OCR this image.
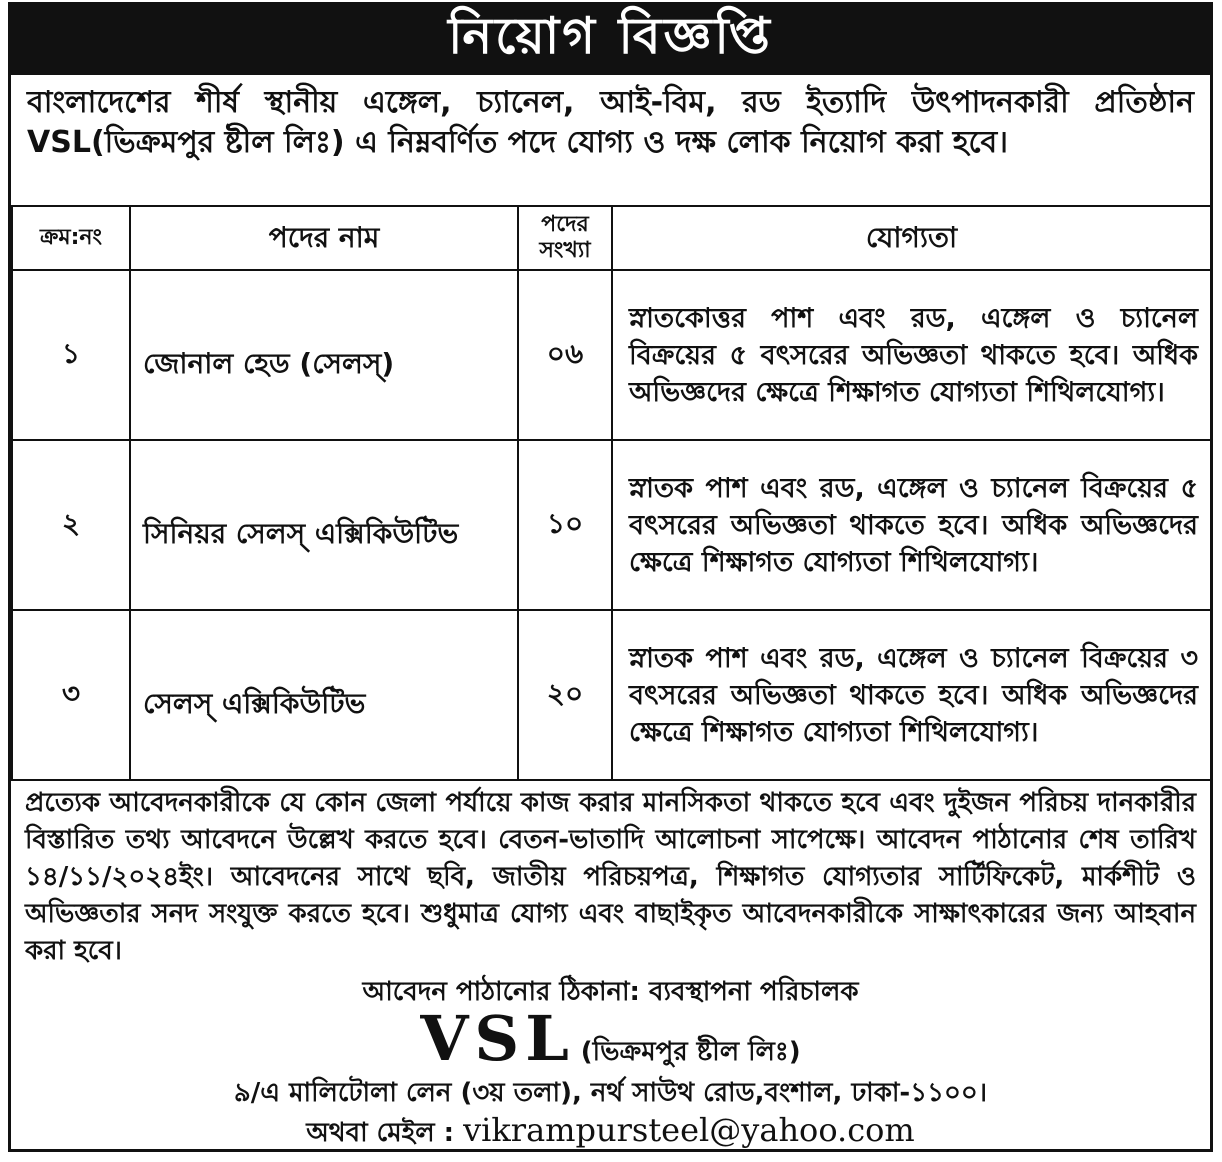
নিয়োগ বিজ্ঞপ্তি
বাংলাদেশের শীর্ষ স্থানীয় এঙ্গেল, চ্যানেল, আই-বিম, রড ইত্যাদি উৎপাদনকারী প্রতিষ্ঠান VSL(ভিক্রমপুর ষ্টীল লিঃ) এ নিম্নবর্ণিত পদে যোগ্য ও দক্ষ লোক নিয়োগ করা হবে।
ক্রম:নং	পদের নাম	পদের সংখ্যা	যোগ্যতা
১	জোনাল হেড (সেলস্)	০৬	স্নাতকোত্তর পাশ এবং রড, এঙ্গেল ও চ্যানেল বিক্রয়ের ৫ বৎসরের অভিজ্ঞতা থাকতে হবে। অধিক অভিজ্ঞদের ক্ষেত্রে শিক্ষাগত যোগ্যতা শিথিলযোগ্য।
২	সিনিয়র সেলস্ এক্সিকিউটিভ	১০	স্নাতক পাশ এবং রড, এঙ্গেল ও চ্যানেল বিক্রয়ের ৫ বৎসরের অভিজ্ঞতা থাকতে হবে। অধিক অভিজ্ঞদের ক্ষেত্রে শিক্ষাগত যোগ্যতা শিথিলযোগ্য।
৩	সেলস্ এক্সিকিউটিভ	২০	স্নাতক পাশ এবং রড, এঙ্গেল ও চ্যানেল বিক্রয়ের ৩ বৎসরের অভিজ্ঞতা থাকতে হবে। অধিক অভিজ্ঞদের ক্ষেত্রে শিক্ষাগত যোগ্যতা শিথিলযোগ্য।
প্রত্যেক আবেদনকারীকে যে কোন জেলা পর্যায়ে কাজ করার মানসিকতা থাকতে হবে এবং দুইজন পরিচয় দানকারীর বিস্তারিত তথ্য আবেদনে উল্লেখ করতে হবে। বেতন-ভাতাদি আলোচনা সাপেক্ষে। আবেদন পাঠানোর শেষ তারিখ ১৪/১১/২০২৪ইং। আবেদনের সাথে ছবি, জাতীয় পরিচয়পত্র, শিক্ষাগত যোগ্যতার সার্টিফিকেট, মার্কশীট ও অভিজ্ঞতার সনদ সংযুক্ত করতে হবে। শুধুমাত্র যোগ্য এবং বাছাইকৃত আবেদনকারীকে সাক্ষাৎকারের জন্য আহবান করা হবে।
আবেদন পাঠানোর ঠিকানা: ব্যবস্থাপনা পরিচালক
VSL (ভিক্রমপুর ষ্টীল লিঃ)
৯/এ মালিটোলা লেন (৩য় তলা), নর্থ সাউথ রোড,বংশাল, ঢাকা-১১০০।
অথবা মেইল : vikrampursteel@yahoo.com
